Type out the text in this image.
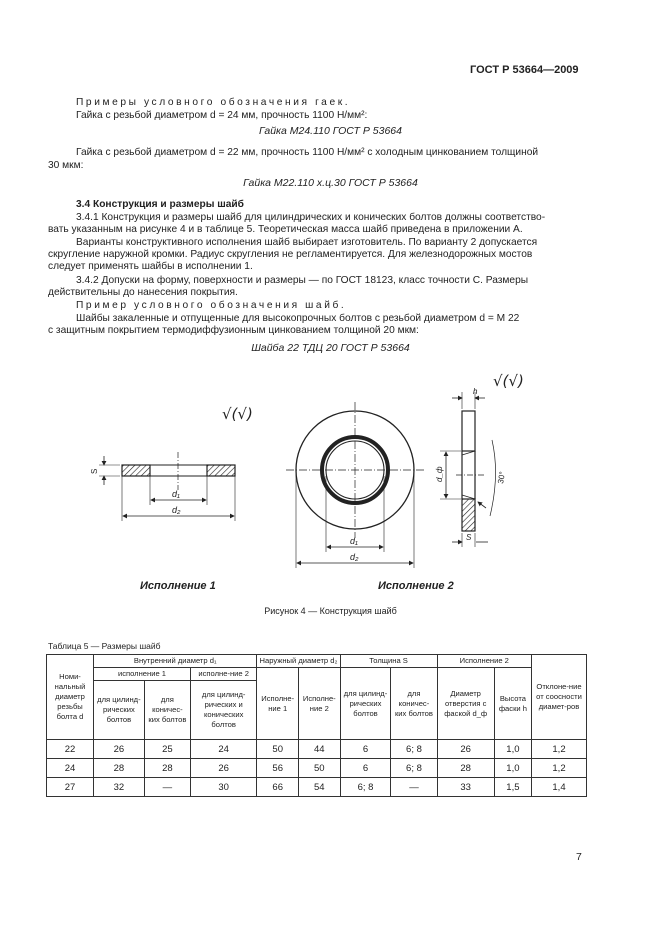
ГОСТ Р 53664—2009
Примеры условного обозначения гаек.
Гайка с резьбой диаметром d = 24 мм, прочность 1100 Н/мм²:
Гайка М24.110 ГОСТ Р 53664
Гайка с резьбой диаметром d = 22 мм, прочность 1100 Н/мм² с холодным цинкованием толщиной
30 мкм:
Гайка М22.110 х.ц.30 ГОСТ Р 53664
3.4 Конструкция и размеры шайб
3.4.1 Конструкция и размеры шайб для цилиндрических и конических болтов должны соответство-
вать указанным на рисунке 4 и в таблице 5. Теоретическая масса шайб приведена в приложении А.
Варианты конструктивного исполнения шайб выбирает изготовитель. По варианту 2 допускается
скругление наружной кромки. Радиус скругления не регламентируется. Для железнодорожных мостов
следует применять шайбы в исполнении 1.
3.4.2 Допуски на форму, поверхности и размеры — по ГОСТ 18123, класс точности С. Размеры
действительны до нанесения покрытия.
Пример условного обозначения шайб.
Шайбы закаленные и отпущенные для высокопрочных болтов с резьбой диаметром d = М 22
с защитным покрытием термодиффузионным цинкованием толщиной 20 мкм:
Шайба 22 ТДЦ 20 ГОСТ Р 53664
√(√)
√(√)
S
d₁
d₂
d₁
d₂
d_ф
h
30°
S
Исполнение 1	Исполнение 2
Рисунок 4 — Конструкция шайб
Таблица 5 — Размеры шайб
Номи-нальный диаметр резьбы болта d	Внутренний диаметр d₁			Наружный диаметр d₂		Толщина S		Исполнение 2		Отклоне-ние от соосности диамет-ров
	исполнение 1		исполне-ние 2	Исполне-ние 1	Исполне-ние 2	для цилинд-рических болтов	для коничес-ких болтов	Диаметр отверстия с фаской d_ф	Высота фаски h	
	для цилинд-рических болтов	для коничес-ких болтов	для цилинд-рических и конических болтов							
22	26	25	24	50	44	6	6; 8	26	1,0	1,2
24	28	28	26	56	50	6	6; 8	28	1,0	1,2
27	32	—	30	66	54	6; 8	—	33	1,5	1,4
7
